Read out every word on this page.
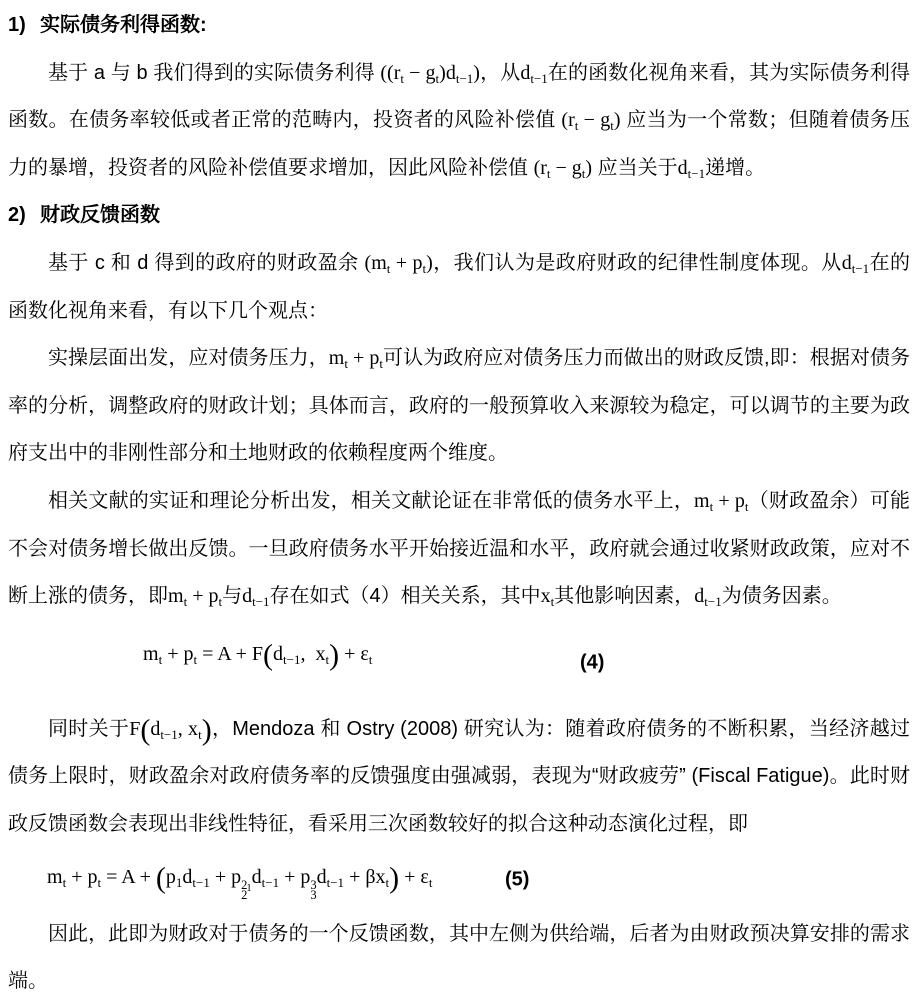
1) 实际债务利得函数:
基于 a 与 b 我们得到的实际债务利得 $((r_t - g_t)d_{t-1})$，从$d_{t-1}$在的函数化视角来看，其为实际债务利得函数。在债务率较低或者正常的范畴内，投资者的风险补偿值 $(r_t - g_t)$ 应当为一个常数；但随着债务压力的暴增，投资者的风险补偿值要求增加，因此风险补偿值 $(r_t - g_t)$ 应当关于$d_{t-1}$递增。
2) 财政反馈函数
基于 c 和 d 得到的政府的财政盈余 $(m_t + p_t)$，我们认为是政府财政的纪律性制度体现。从$d_{t-1}$在的函数化视角来看，有以下几个观点：
实操层面出发，应对债务压力，$m_t + p_t$可认为政府应对债务压力而做出的财政反馈,即：根据对债务率的分析，调整政府的财政计划；具体而言，政府的一般预算收入来源较为稳定，可以调节的主要为政府支出中的非刚性部分和土地财政的依赖程度两个维度。
相关文献的实证和理论分析出发，相关文献论证在非常低的债务水平上，$m_t + p_t$（财政盈余）可能不会对债务增长做出反馈。一旦政府债务水平开始接近温和水平，政府就会通过收紧财政政策，应对不断上涨的债务，即$m_t + p_t$与$d_{t-1}$存在如式（4）相关关系，其中$x_t$其他影响因素，$d_{t-1}$为债务因素。
$m_t + p_t = A + F(d_{t-1}$,  $x_t) + \varepsilon_t$	(4)
同时关于$F(d_{t-1}$, $x_t$)，Mendoza 和 Ostry (2008) 研究认为：随着政府债务的不断积累，当经济越过债务上限时，财政盈余对政府债务率的反馈强度由强减弱，表现为“财政疲劳” (Fiscal Fatigue)。此时财政反馈函数会表现出非线性特征，看采用三次函数较好的拟合这种动态演化过程，即
$m_t + p_t = A + (p_1d_{t-1} + p$ 2
2 $_1d_{t-1} + p$ 3
3
$d_{t-1} + \beta x_t) + \varepsilon_t$	(5)
因此，此即为财政对于债务的一个反馈函数，其中左侧为供给端，后者为由财政预决算安排的需求端。
